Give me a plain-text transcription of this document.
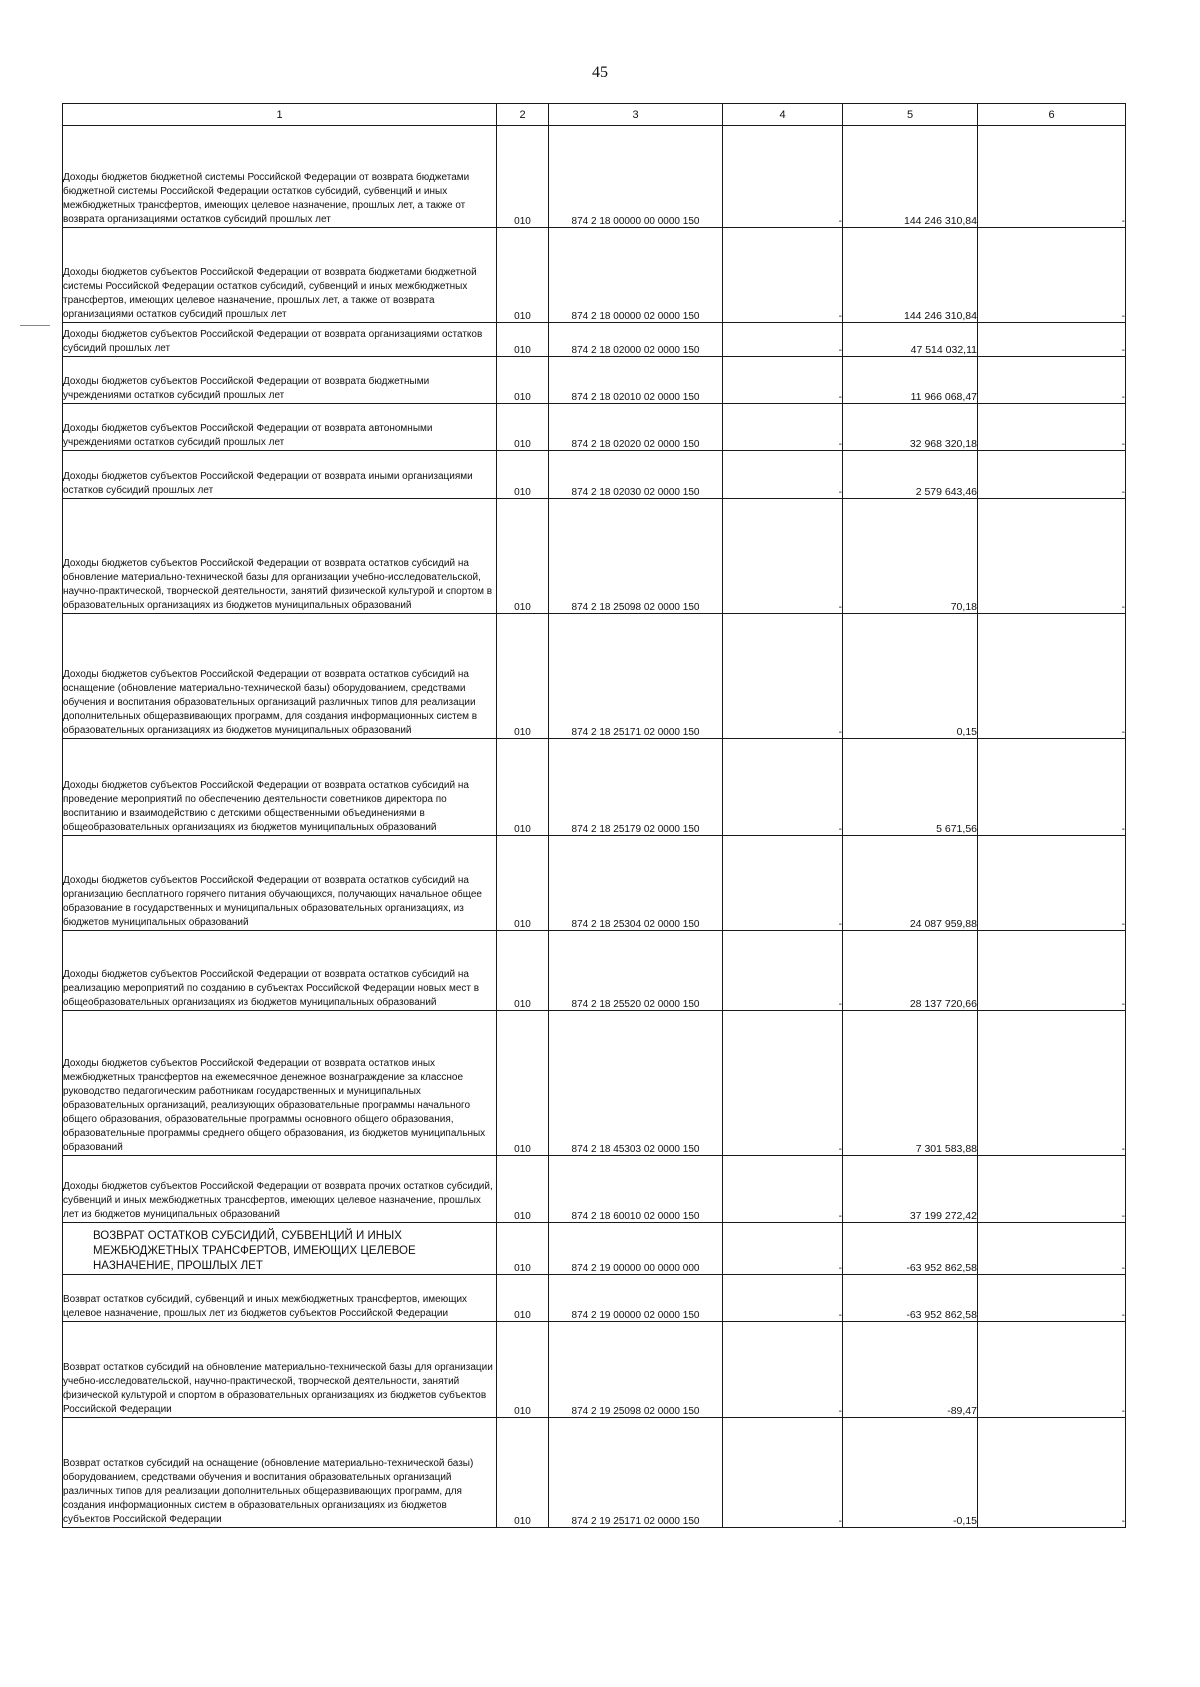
45
1	2	3	4	5	6
Доходы бюджетов бюджетной системы Российской Федерации от возврата бюджетами бюджетной системы Российской Федерации остатков субсидий, субвенций и иных межбюджетных трансфертов, имеющих целевое назначение, прошлых лет, а также от возврата организациями остатков субсидий прошлых лет	010	874 2 18 00000 00 0000 150	-	144 246 310,84	-
Доходы бюджетов субъектов Российской Федерации от возврата бюджетами бюджетной системы Российской Федерации остатков субсидий, субвенций и иных межбюджетных трансфертов, имеющих целевое назначение, прошлых лет, а также от возврата организациями остатков субсидий прошлых лет	010	874 2 18 00000 02 0000 150	-	144 246 310,84	-
Доходы бюджетов субъектов Российской Федерации от возврата организациями остатков субсидий прошлых лет	010	874 2 18 02000 02 0000 150	-	47 514 032,11	-
Доходы бюджетов субъектов Российской Федерации от возврата бюджетными учреждениями остатков субсидий прошлых лет	010	874 2 18 02010 02 0000 150	-	11 966 068,47	-
Доходы бюджетов субъектов Российской Федерации от возврата автономными учреждениями остатков субсидий прошлых лет	010	874 2 18 02020 02 0000 150	-	32 968 320,18	-
Доходы бюджетов субъектов Российской Федерации от возврата иными организациями остатков субсидий прошлых лет	010	874 2 18 02030 02 0000 150	-	2 579 643,46	-
Доходы бюджетов субъектов Российской Федерации от возврата остатков субсидий на обновление материально-технической базы для организации учебно-исследовательской, научно-практической, творческой деятельности, занятий физической культурой и спортом в образовательных организациях из бюджетов муниципальных образований	010	874 2 18 25098 02 0000 150	-	70,18	-
Доходы бюджетов субъектов Российской Федерации от возврата остатков субсидий на оснащение (обновление материально-технической базы) оборудованием, средствами обучения и воспитания образовательных организаций различных типов для реализации дополнительных общеразвивающих программ, для создания информационных систем в образовательных организациях из бюджетов муниципальных образований	010	874 2 18 25171 02 0000 150	-	0,15	-
Доходы бюджетов субъектов Российской Федерации от возврата остатков субсидий на проведение мероприятий по обеспечению деятельности советников директора по воспитанию и взаимодействию с детскими общественными объединениями в общеобразовательных организациях из бюджетов муниципальных образований	010	874 2 18 25179 02 0000 150	-	5 671,56	-
Доходы бюджетов субъектов Российской Федерации от возврата остатков субсидий на организацию бесплатного горячего питания обучающихся, получающих начальное общее образование в государственных и муниципальных образовательных организациях, из бюджетов муниципальных образований	010	874 2 18 25304 02 0000 150	-	24 087 959,88	-
Доходы бюджетов субъектов Российской Федерации от возврата остатков субсидий на реализацию мероприятий по созданию в субъектах Российской Федерации новых мест в общеобразовательных организациях из бюджетов муниципальных образований	010	874 2 18 25520 02 0000 150	-	28 137 720,66	-
Доходы бюджетов субъектов Российской Федерации от возврата остатков иных межбюджетных трансфертов на ежемесячное денежное вознаграждение за классное руководство педагогическим работникам государственных и муниципальных образовательных организаций, реализующих образовательные программы начального общего образования, образовательные программы основного общего образования, образовательные программы среднего общего образования, из бюджетов муниципальных образований	010	874 2 18 45303 02 0000 150	-	7 301 583,88	-
Доходы бюджетов субъектов Российской Федерации от возврата прочих остатков субсидий, субвенций и иных межбюджетных трансфертов, имеющих целевое назначение, прошлых лет из бюджетов муниципальных образований	010	874 2 18 60010 02 0000 150	-	37 199 272,42	-
ВОЗВРАТ ОСТАТКОВ СУБСИДИЙ, СУБВЕНЦИЙ И ИНЫХ МЕЖБЮДЖЕТНЫХ ТРАНСФЕРТОВ, ИМЕЮЩИХ ЦЕЛЕВОЕ НАЗНАЧЕНИЕ, ПРОШЛЫХ ЛЕТ	010	874 2 19 00000 00 0000 000	-	-63 952 862,58	-
Возврат остатков субсидий, субвенций и иных межбюджетных трансфертов, имеющих целевое назначение, прошлых лет из бюджетов субъектов Российской Федерации	010	874 2 19 00000 02 0000 150	-	-63 952 862,58	-
Возврат остатков субсидий на обновление материально-технической базы для организации учебно-исследовательской, научно-практической, творческой деятельности, занятий физической культурой и спортом в образовательных организациях из бюджетов субъектов Российской Федерации	010	874 2 19 25098 02 0000 150	-	-89,47	-
Возврат остатков субсидий на оснащение (обновление материально-технической базы) оборудованием, средствами обучения и воспитания образовательных организаций различных типов для реализации дополнительных общеразвивающих программ, для создания информационных систем в образовательных организациях из бюджетов субъектов Российской Федерации	010	874 2 19 25171 02 0000 150	-	-0,15	-
